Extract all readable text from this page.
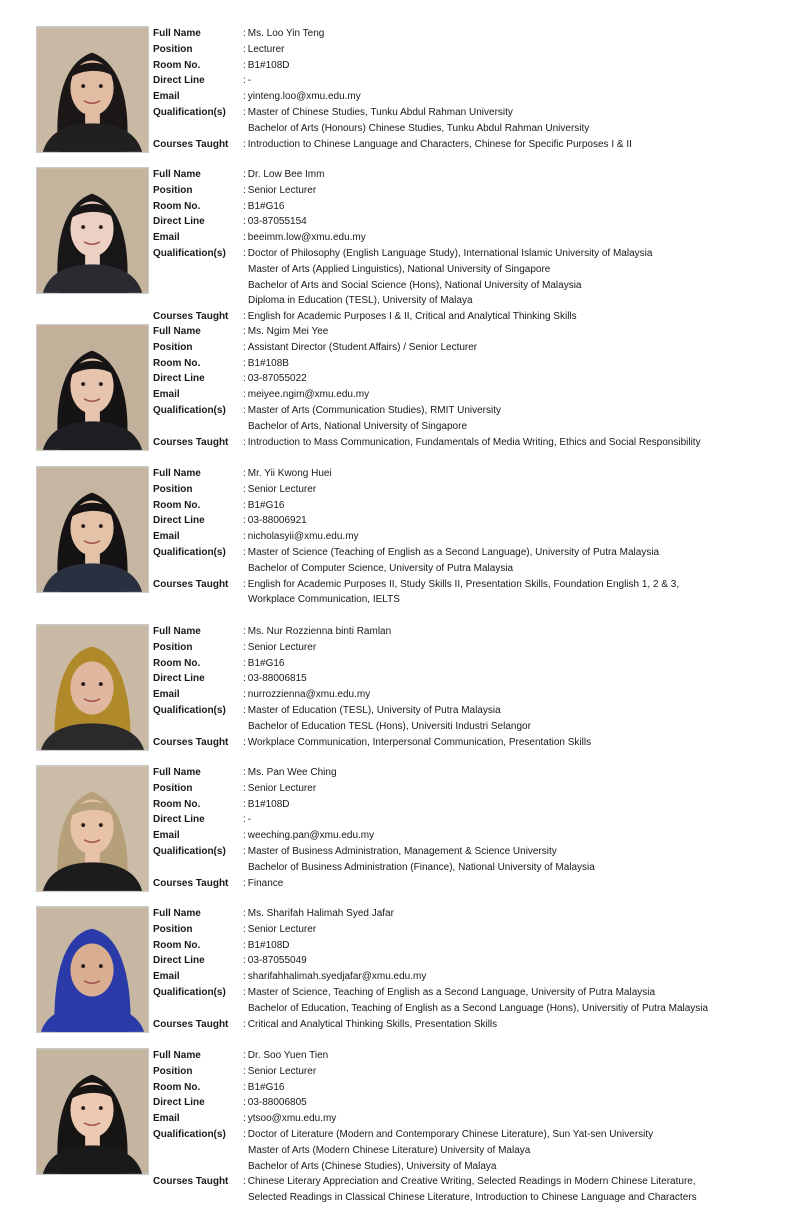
Full Name	: Ms. Loo Yin Teng
Position	: Lecturer
Room No.	: B1#108D
Direct Line	: -
Email	: yinteng.loo@xmu.edu.my
Qualification(s)	: Master of Chinese Studies, Tunku Abdul Rahman University
Bachelor of Arts (Honours) Chinese Studies, Tunku Abdul Rahman University
Courses Taught	: Introduction to Chinese Language and Characters, Chinese for Specific Purposes I & II
Full Name	: Dr. Low Bee Imm
Position	: Senior Lecturer
Room No.	: B1#G16
Direct Line	: 03-87055154
Email	: beeimm.low@xmu.edu.my
Qualification(s)	: Doctor of Philosophy (English Language Study), International Islamic University of Malaysia
Master of Arts (Applied Linguistics), National University of Singapore
Bachelor of Arts and Social Science (Hons), National University of Malaysia
Diploma in Education (TESL), University of Malaya
Courses Taught	: English for Academic Purposes I & II, Critical and Analytical Thinking Skills
Full Name	: Ms. Ngim Mei Yee
Position	: Assistant Director (Student Affairs) / Senior Lecturer
Room No.	: B1#108B
Direct Line	: 03-87055022
Email	: meiyee.ngim@xmu.edu.my
Qualification(s)	: Master of Arts (Communication Studies), RMIT University
Bachelor of Arts, National University of Singapore
Courses Taught	: Introduction to Mass Communication, Fundamentals of Media Writing, Ethics and Social Responsibility
Full Name	: Mr. Yii Kwong Huei
Position	: Senior Lecturer
Room No.	: B1#G16
Direct Line	: 03-88006921
Email	: nicholasyii@xmu.edu.my
Qualification(s)	: Master of Science (Teaching of English as a Second Language), University of Putra Malaysia
Bachelor of Computer Science, University of Putra Malaysia
Courses Taught	: English for Academic Purposes II, Study Skills II, Presentation Skills, Foundation English 1, 2 & 3,
Workplace Communication, IELTS
Full Name	: Ms. Nur Rozzienna binti Ramlan
Position	: Senior Lecturer
Room No.	: B1#G16
Direct Line	: 03-88006815
Email	: nurrozzienna@xmu.edu.my
Qualification(s)	: Master of Education (TESL), University of Putra Malaysia
Bachelor of Education TESL (Hons), Universiti Industri Selangor
Courses Taught	: Workplace Communication, Interpersonal Communication, Presentation Skills
Full Name	: Ms. Pan Wee Ching
Position	: Senior Lecturer
Room No.	: B1#108D
Direct Line	: -
Email	: weeching.pan@xmu.edu.my
Qualification(s)	: Master of Business Administration, Management & Science University
Bachelor of Business Administration (Finance), National University of Malaysia
Courses Taught	: Finance
Full Name	: Ms. Sharifah Halimah Syed Jafar
Position	: Senior Lecturer
Room No.	: B1#108D
Direct Line	: 03-87055049
Email	: sharifahhalimah.syedjafar@xmu.edu.my
Qualification(s)	: Master of Science, Teaching of English as a Second Language, University of Putra Malaysia
Bachelor of Education, Teaching of English as a Second Language (Hons), Universitiy of Putra Malaysia
Courses Taught	: Critical and Analytical Thinking Skills, Presentation Skills
Full Name	: Dr. Soo Yuen Tien
Position	: Senior Lecturer
Room No.	: B1#G16
Direct Line	: 03-88006805
Email	: ytsoo@xmu.edu.my
Qualification(s)	: Doctor of Literature (Modern and Contemporary Chinese Literature), Sun Yat-sen University
Master of Arts (Modern Chinese Literature) University of Malaya
Bachelor of Arts (Chinese Studies), University of Malaya
Courses Taught	: Chinese Literary Appreciation and Creative Writing, Selected Readings in Modern Chinese Literature,
Selected Readings in Classical Chinese Literature, Introduction to Chinese Language and Characters
